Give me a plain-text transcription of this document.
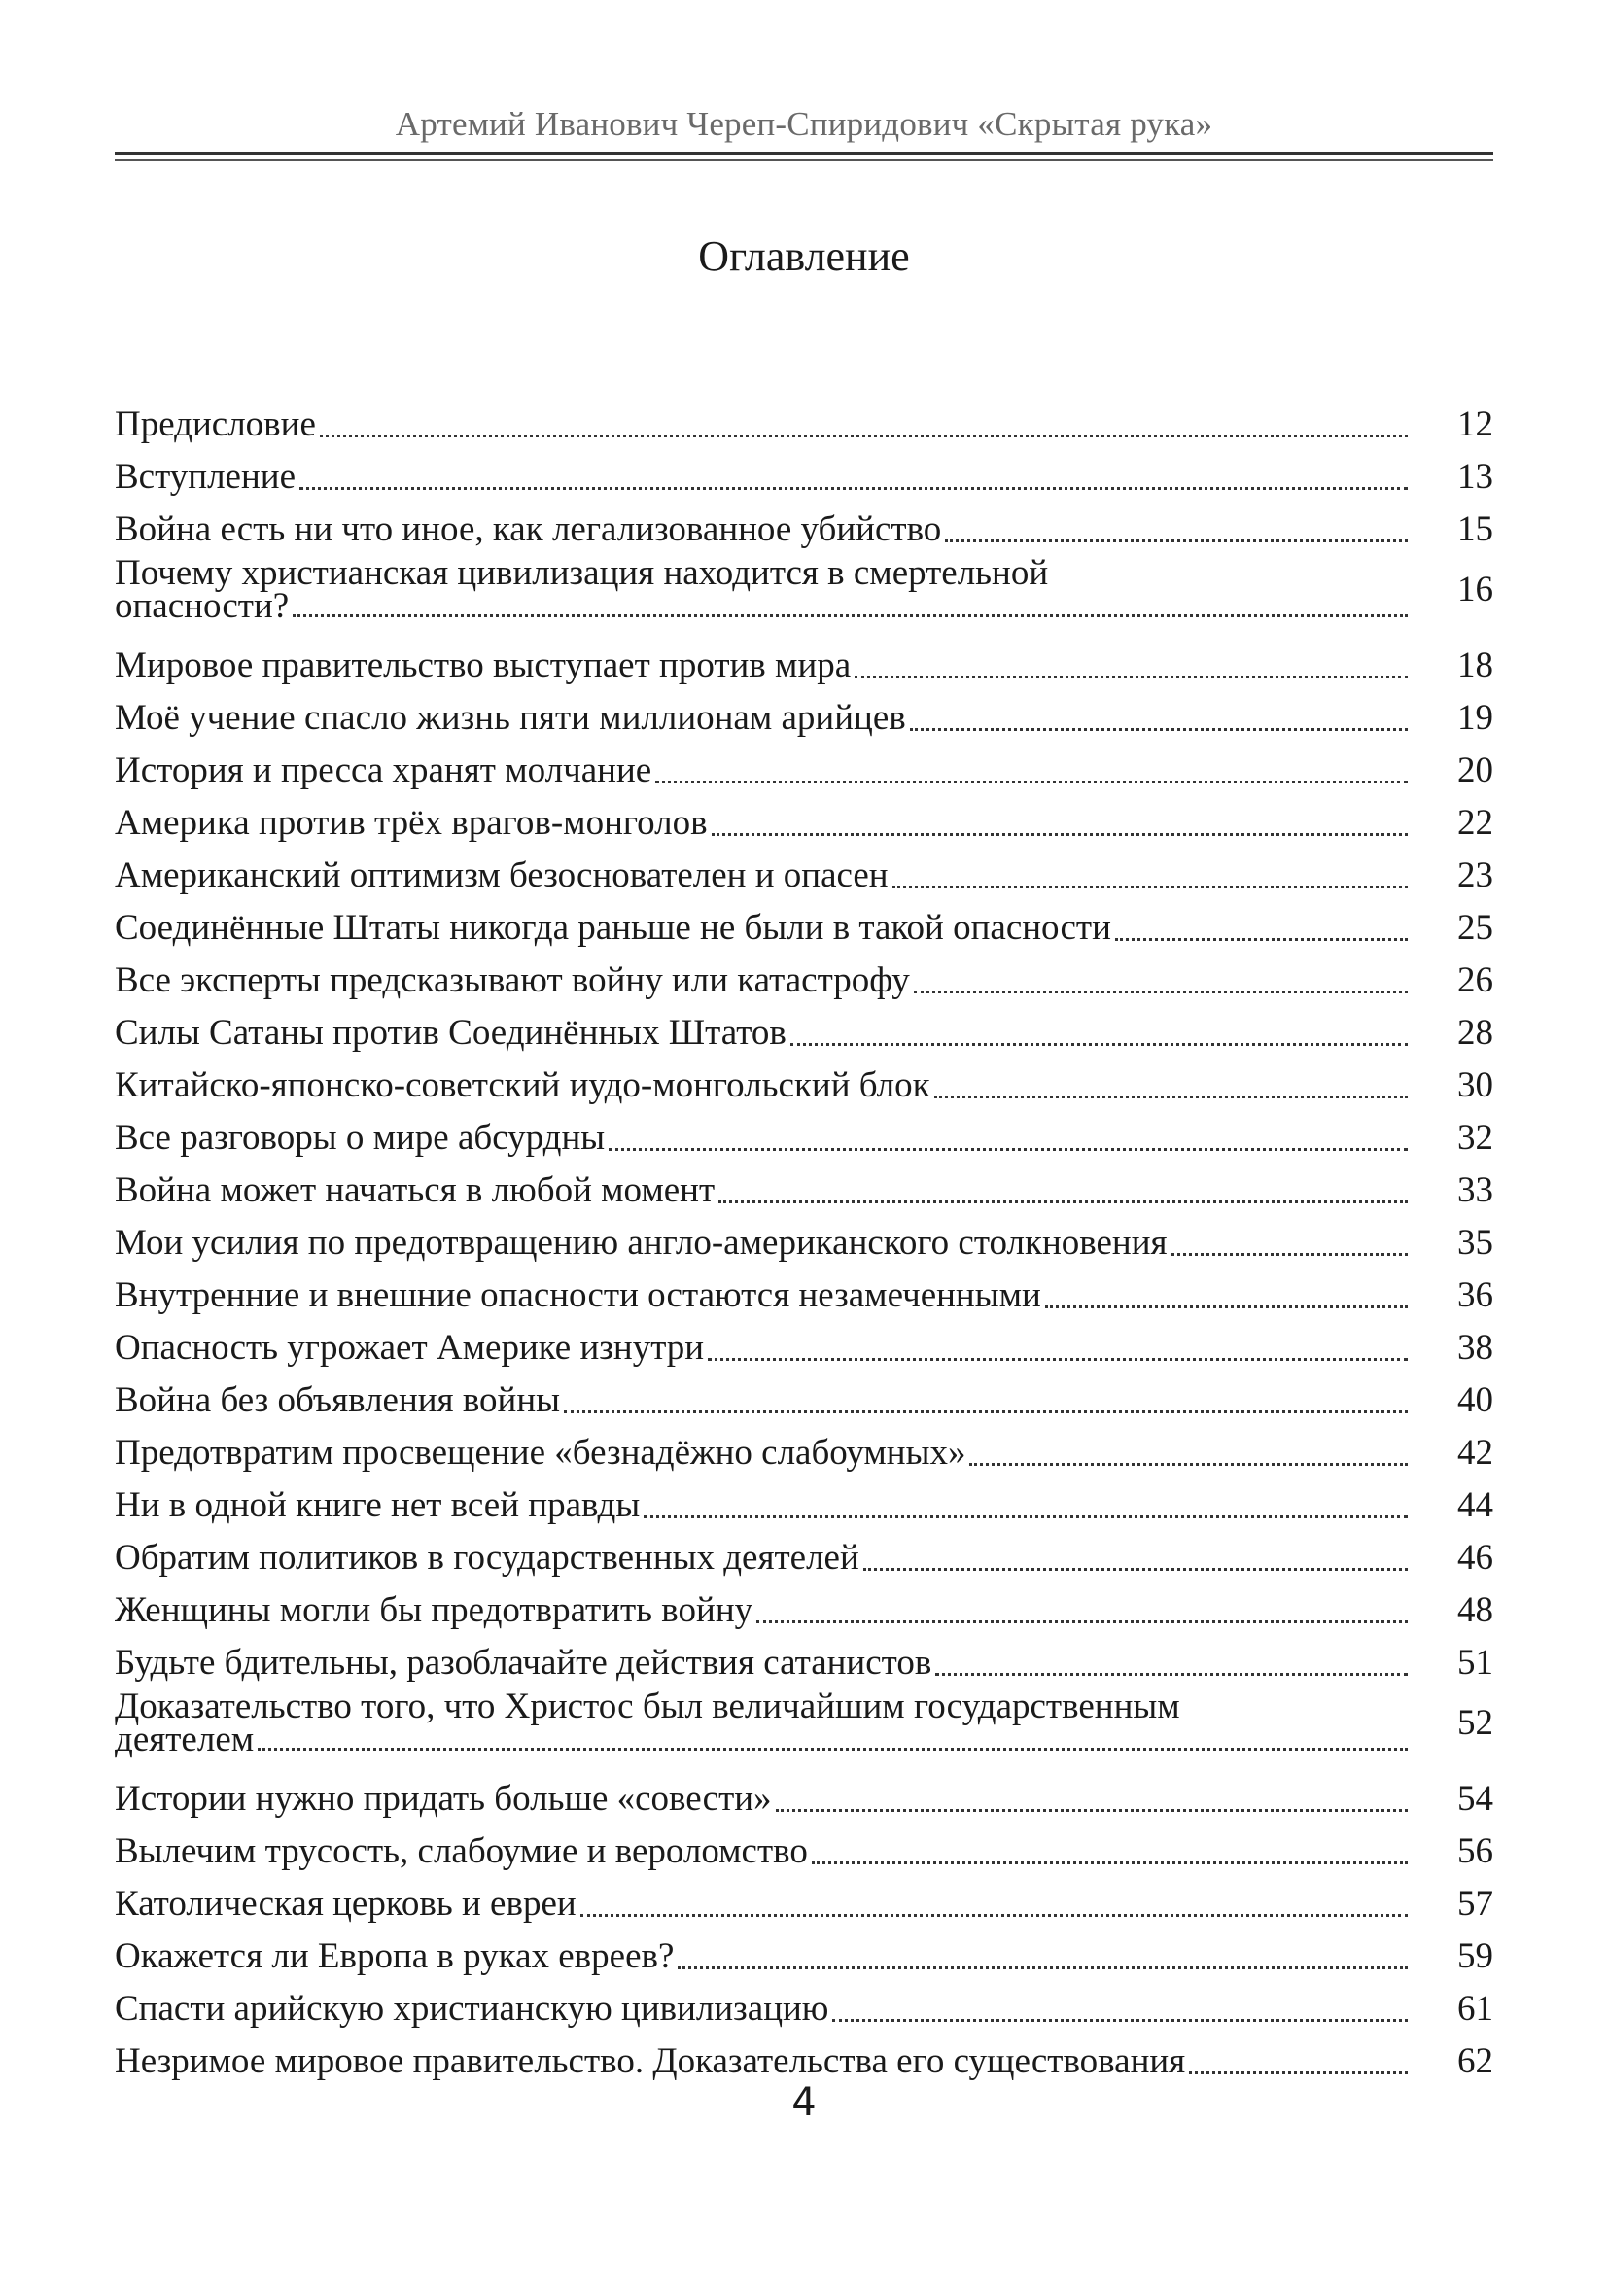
Артемий Иванович Череп-Спиридович «Скрытая рука»
Оглавление
Предисловие	12
Вступление	13
Война есть ни что иное, как легализованное убийство	15
Почему христианская цивилизация находится в смертельной
опасности?	16
Мировое правительство выступает против мира	18
Моё учение спасло жизнь пяти миллионам арийцев	19
История и пресса хранят молчание	20
Америка против трёх врагов-монголов	22
Американский оптимизм безоснователен и опасен	23
Соединённые Штаты никогда раньше не были в такой опасности	25
Все эксперты предсказывают войну или катастрофу	26
Силы Сатаны против Соединённых Штатов	28
Китайско-японско-советский иудо-монгольский блок	30
Все разговоры о мире абсурдны	32
Война может начаться в любой момент	33
Мои усилия по предотвращению англо-американского столкновения	35
Внутренние и внешние опасности остаются незамеченными	36
Опасность угрожает Америке изнутри	38
Война без объявления войны	40
Предотвратим просвещение «безнадёжно слабоумных»	42
Ни в одной книге нет всей правды	44
Обратим политиков в государственных деятелей	46
Женщины могли бы предотвратить войну	48
Будьте бдительны, разоблачайте действия сатанистов	51
Доказательство того, что Христос был величайшим государственным
деятелем	52
Истории нужно придать больше «совести»	54
Вылечим трусость, слабоумие и вероломство	56
Католическая церковь и евреи	57
Окажется ли Европа в руках евреев?	59
Спасти арийскую христианскую цивилизацию	61
Незримое мировое правительство. Доказательства его существования	62
4
